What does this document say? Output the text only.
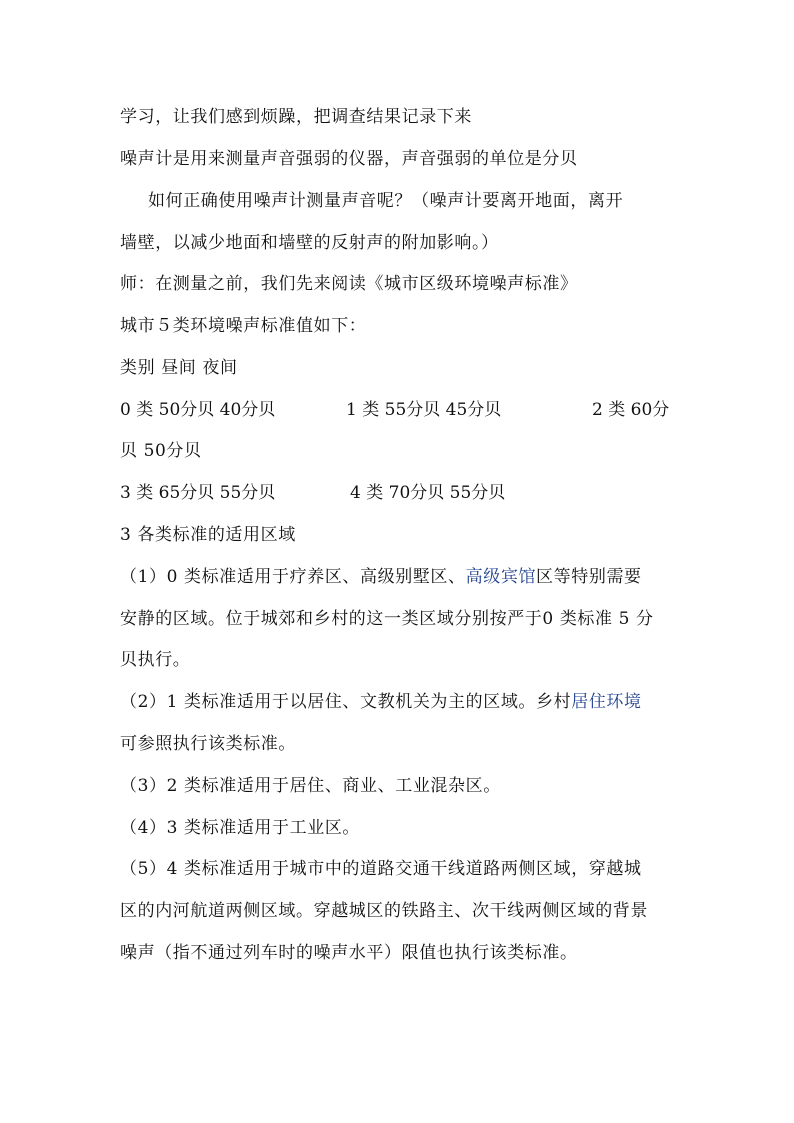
学习，让我们感到烦躁，把调查结果记录下来
噪声计是用来测量声音强弱的仪器，声音强弱的单位是分贝
如何正确使用噪声计测量声音呢？（噪声计要离开地面，离开
墙壁，以减少地面和墙壁的反射声的附加影响。）
师：在测量之前，我们先来阅读《城市区级环境噪声标准》
城市５类环境噪声标准值如下：
类别 昼间 夜间
0 类 50分贝 40分贝	1 类 55分贝 45分贝	2 类 60分
贝 50分贝
3 类 65分贝 55分贝	4 类 70分贝 55分贝
3 各类标准的适用区域
（1）0 类标准适用于疗养区、高级别墅区、高级宾馆区等特别需要
安静的区域。位于城郊和乡村的这一类区域分别按严于0 类标准 5 分
贝执行。
（2）1 类标准适用于以居住、文教机关为主的区域。乡村居住环境
可参照执行该类标准。
（3）2 类标准适用于居住、商业、工业混杂区。
（4）3 类标准适用于工业区。
（5）4 类标准适用于城市中的道路交通干线道路两侧区域，穿越城
区的内河航道两侧区域。穿越城区的铁路主、次干线两侧区域的背景
噪声（指不通过列车时的噪声水平）限值也执行该类标准。
